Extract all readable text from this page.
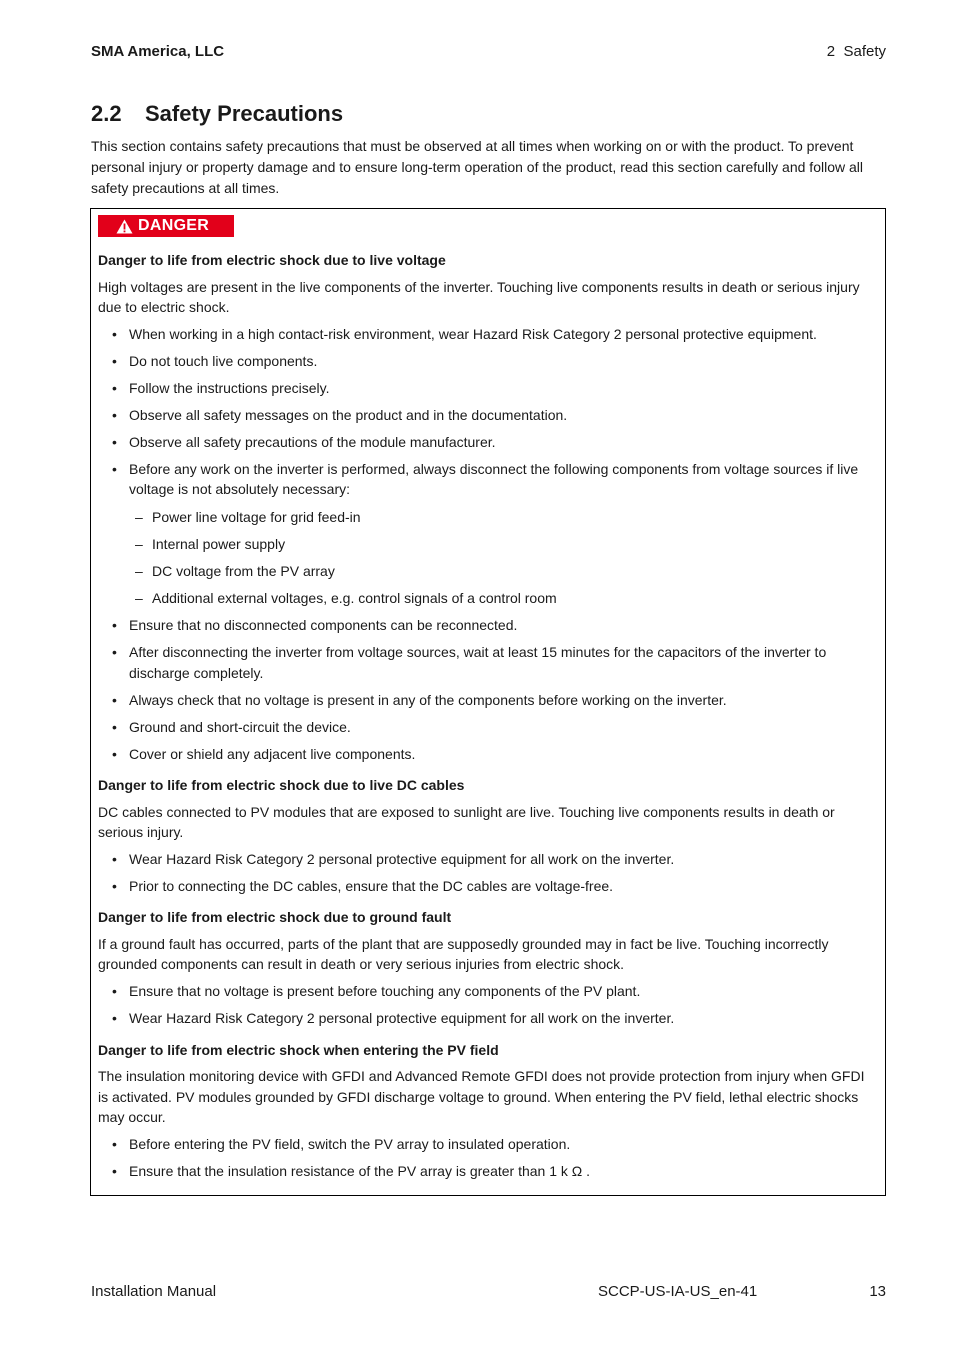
SMA America, LLC	2  Safety
2.2 Safety Precautions

This section contains safety precautions that must be observed at all times when working on or with the product. To prevent personal injury or property damage and to ensure long-term operation of the product, read this section carefully and follow all safety precautions at all times.

DANGER
Danger to life from electric shock due to live voltage

High voltages are present in the live components of the inverter. Touching live components results in death or serious injury due to electric shock.

• When working in a high contact-risk environment, wear Hazard Risk Category 2 personal protective equipment.
• Do not touch live components.
• Follow the instructions precisely.
• Observe all safety messages on the product and in the documentation.
• Observe all safety precautions of the module manufacturer.
• Before any work on the inverter is performed, always disconnect the following components from voltage sources if live voltage is not absolutely necessary:
– Power line voltage for grid feed-in
– Internal power supply
– DC voltage from the PV array
– Additional external voltages, e.g. control signals of a control room
• Ensure that no disconnected components can be reconnected.
• After disconnecting the inverter from voltage sources, wait at least 15 minutes for the capacitors of the inverter to discharge completely.
• Always check that no voltage is present in any of the components before working on the inverter.
• Ground and short-circuit the device.
• Cover or shield any adjacent live components.
Danger to life from electric shock due to live DC cables

DC cables connected to PV modules that are exposed to sunlight are live. Touching live components results in death or serious injury.

• Wear Hazard Risk Category 2 personal protective equipment for all work on the inverter.
• Prior to connecting the DC cables, ensure that the DC cables are voltage-free.
Danger to life from electric shock due to ground fault

If a ground fault has occurred, parts of the plant that are supposedly grounded may in fact be live. Touching incorrectly grounded components can result in death or very serious injuries from electric shock.

• Ensure that no voltage is present before touching any components of the PV plant.
• Wear Hazard Risk Category 2 personal protective equipment for all work on the inverter.
Danger to life from electric shock when entering the PV field

The insulation monitoring device with GFDI and Advanced Remote GFDI does not provide protection from injury when GFDI is activated. PV modules grounded by GFDI discharge voltage to ground. When entering the PV field, lethal electric shocks may occur.

• Before entering the PV field, switch the PV array to insulated operation.
• Ensure that the insulation resistance of the PV array is greater than 1 k Ω .
Installation Manual	SCCP-US-IA-US_en-41	13
